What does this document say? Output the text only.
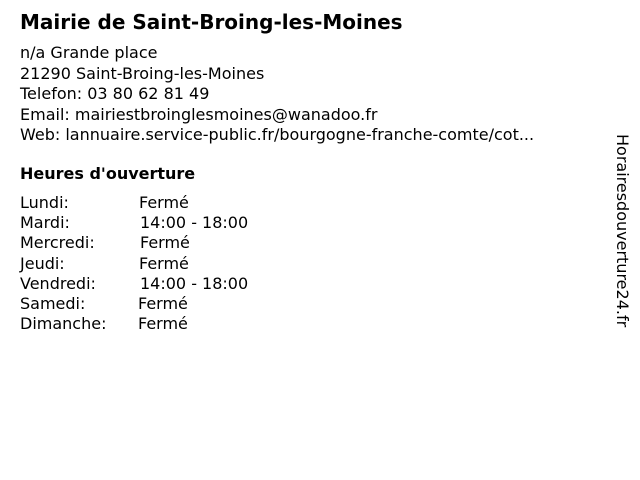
Mairie de Saint-Broing-les-Moines
n/a Grande place
21290 Saint-Broing-les-Moines
Telefon: 03 80 62 81 49
Email: mairiestbroinglesmoines@wanadoo.fr
Web: lannuaire.service-public.fr/bourgogne-franche-comte/cot...
Heures d'ouverture
Lundi:	Fermé
Mardi:	14:00 - 18:00
Mercredi:	Fermé
Jeudi:	Fermé
Vendredi:	14:00 - 18:00
Samedi:	Fermé
Dimanche: Fermé	Horairesdouverture24.fr
